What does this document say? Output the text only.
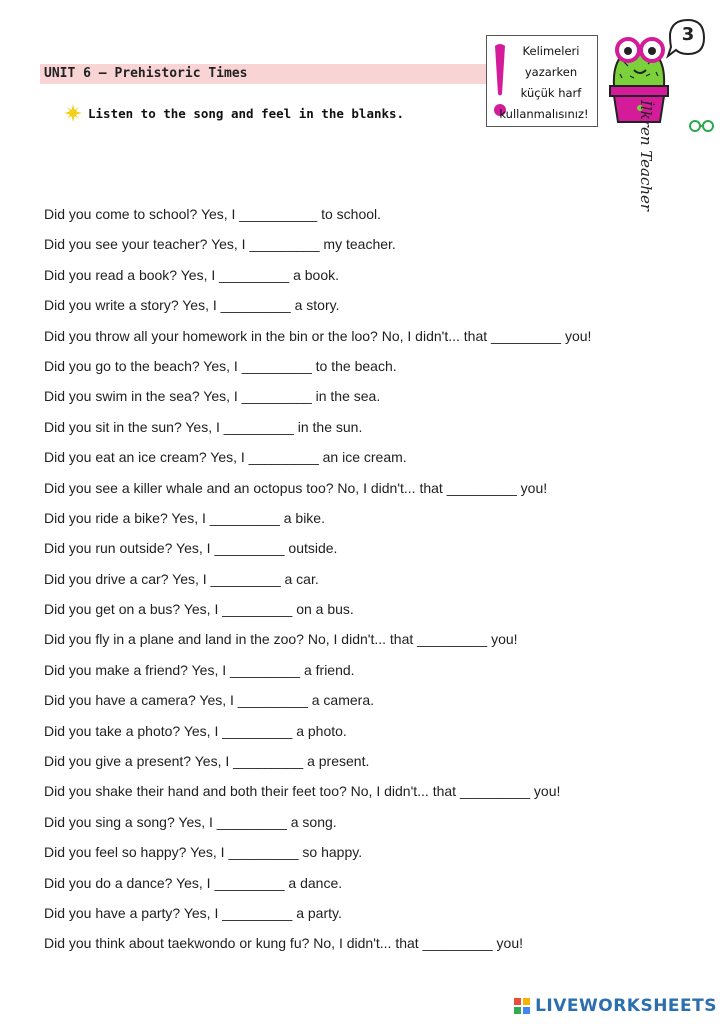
UNIT 6 – Prehistoric Times
Listen to the song and feel in the blanks.
Kelimeleri
yazarken
küçük harf
kullanmalısınız!
3
İlkren Teacher
Did you come to school? Yes, I __________ to school.
Did you see your teacher? Yes, I _________ my teacher.
Did you read a book? Yes, I _________ a book.
Did you write a story? Yes, I _________ a story.
Did you throw all your homework in the bin or the loo? No, I didn't... that _________ you!
Did you go to the beach? Yes, I _________ to the beach.
Did you swim in the sea? Yes, I _________ in the sea.
Did you sit in the sun? Yes, I _________ in the sun.
Did you eat an ice cream? Yes, I _________ an ice cream.
Did you see a killer whale and an octopus too? No, I didn't... that _________ you!
Did you ride a bike? Yes, I _________ a bike.
Did you run outside? Yes, I _________ outside.
Did you drive a car? Yes, I _________ a car.
Did you get on a bus? Yes, I _________ on a bus.
Did you fly in a plane and land in the zoo? No, I didn't... that _________ you!
Did you make a friend? Yes, I _________ a friend.
Did you have a camera? Yes, I _________ a camera.
Did you take a photo? Yes, I _________ a photo.
Did you give a present? Yes, I _________ a present.
Did you shake their hand and both their feet too? No, I didn't... that _________ you!
Did you sing a song? Yes, I _________ a song.
Did you feel so happy? Yes, I _________ so happy.
Did you do a dance? Yes, I _________ a dance.
Did you have a party? Yes, I _________ a party.
Did you think about taekwondo or kung fu? No, I didn't... that _________ you!
LIVEWORKSHEETS
